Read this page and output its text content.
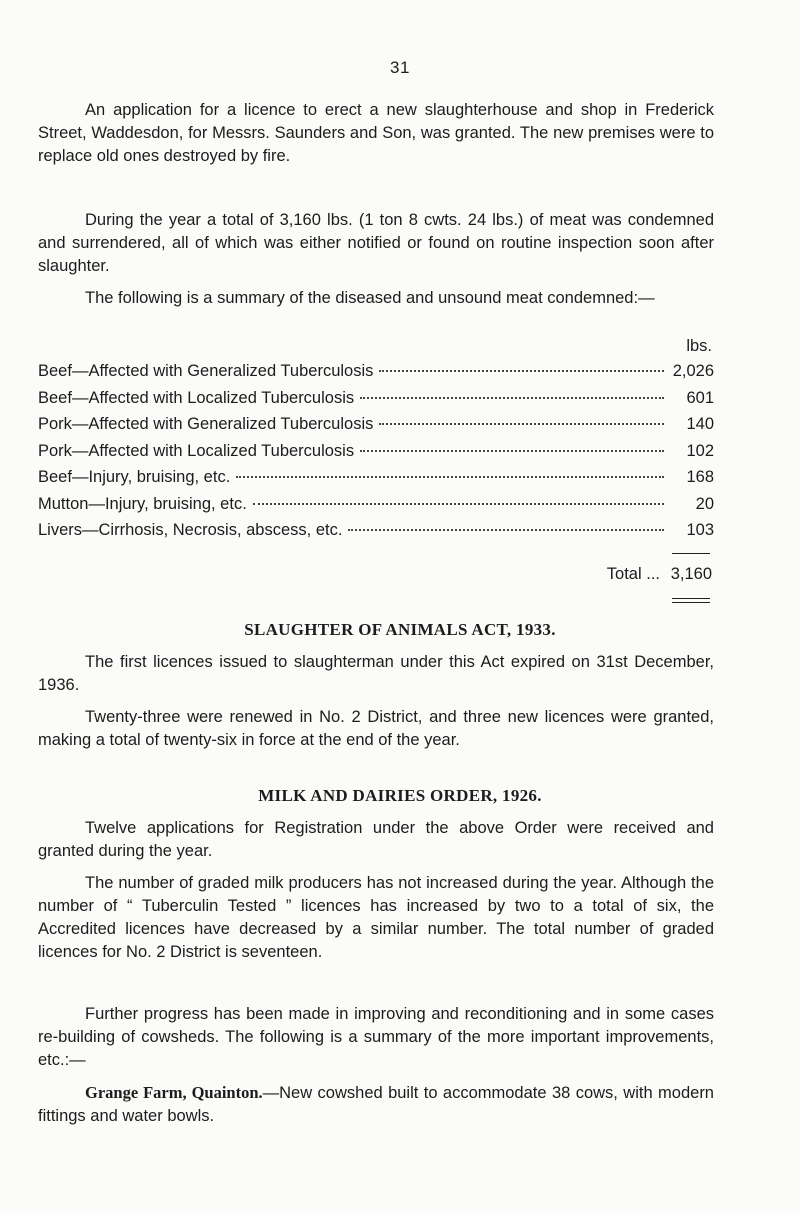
31

An application for a licence to erect a new slaughterhouse and shop in Frederick Street, Waddesdon, for Messrs. Saunders and Son, was granted. The new premises were to replace old ones destroyed by fire.

During the year a total of 3,160 lbs. (1 ton 8 cwts. 24 lbs.) of meat was condemned and surrendered, all of which was either notified or found on routine inspection soon after slaughter.

The following is a summary of the diseased and unsound meat condemned:—

lbs.
Beef—Affected with Generalized Tuberculosis	2,026
Beef—Affected with Localized Tuberculosis	601
Pork—Affected with Generalized Tuberculosis	140
Pork—Affected with Localized Tuberculosis	102
Beef—Injury, bruising, etc.	168
Mutton—Injury, bruising, etc.	20
Livers—Cirrhosis, Necrosis, abscess, etc.	103
Total ... 3,160
SLAUGHTER OF ANIMALS ACT, 1933.

The first licences issued to slaughterman under this Act expired on 31st December, 1936.

Twenty-three were renewed in No. 2 District, and three new licences were granted, making a total of twenty-six in force at the end of the year.

MILK AND DAIRIES ORDER, 1926.

Twelve applications for Registration under the above Order were received and granted during the year.

The number of graded milk producers has not increased during the year. Although the number of “ Tuberculin Tested ” licences has increased by two to a total of six, the Accredited licences have decreased by a similar number. The total number of graded licences for No. 2 District is seventeen.

Further progress has been made in improving and reconditioning and in some cases re-building of cowsheds. The following is a summary of the more important improvements, etc.:—

Grange Farm, Quainton.—New cowshed built to accommodate 38 cows, with modern fittings and water bowls.
